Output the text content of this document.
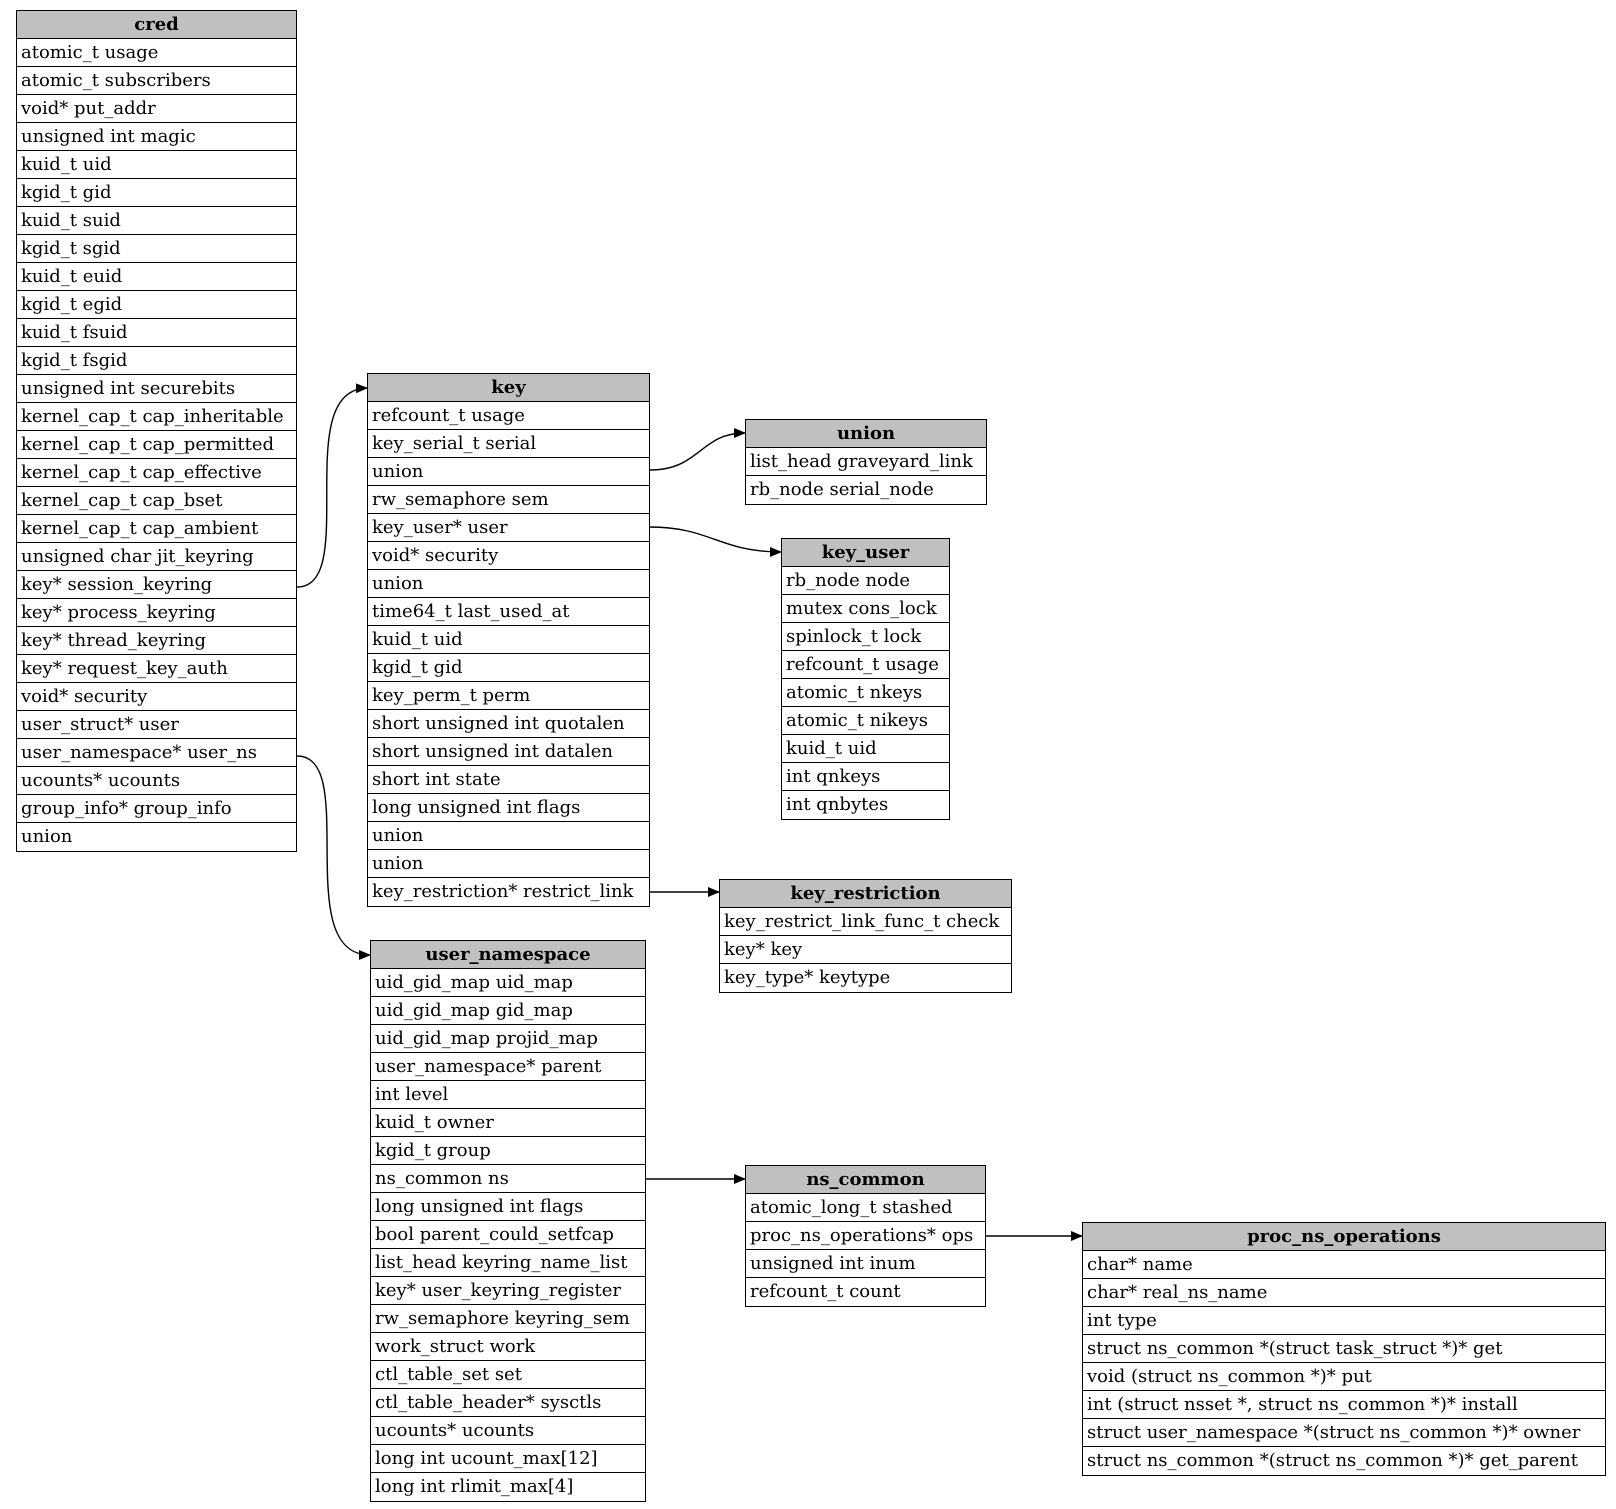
cred
atomic_t usage
atomic_t subscribers
void* put_addr
unsigned int magic
kuid_t uid
kgid_t gid
kuid_t suid
kgid_t sgid
kuid_t euid
kgid_t egid
kuid_t fsuid
kgid_t fsgid
unsigned int securebits
kernel_cap_t cap_inheritable
kernel_cap_t cap_permitted
kernel_cap_t cap_effective
kernel_cap_t cap_bset
kernel_cap_t cap_ambient
unsigned char jit_keyring
key* session_keyring
key* process_keyring
key* thread_keyring
key* request_key_auth
void* security
user_struct* user
user_namespace* user_ns
ucounts* ucounts
group_info* group_info
union
key
refcount_t usage
key_serial_t serial
union
rw_semaphore sem
key_user* user
void* security
union
time64_t last_used_at
kuid_t uid
kgid_t gid
key_perm_t perm
short unsigned int quotalen
short unsigned int datalen
short int state
long unsigned int flags
union
union
key_restriction* restrict_link
union
list_head graveyard_link
rb_node serial_node
key_user
rb_node node
mutex cons_lock
spinlock_t lock
refcount_t usage
atomic_t nkeys
atomic_t nikeys
kuid_t uid
int qnkeys
int qnbytes
key_restriction
key_restrict_link_func_t check
key* key
key_type* keytype
user_namespace
uid_gid_map uid_map
uid_gid_map gid_map
uid_gid_map projid_map
user_namespace* parent
int level
kuid_t owner
kgid_t group
ns_common ns
long unsigned int flags
bool parent_could_setfcap
list_head keyring_name_list
key* user_keyring_register
rw_semaphore keyring_sem
work_struct work
ctl_table_set set
ctl_table_header* sysctls
ucounts* ucounts
long int ucount_max[12]
long int rlimit_max[4]
ns_common
atomic_long_t stashed
proc_ns_operations* ops
unsigned int inum
refcount_t count
proc_ns_operations
char* name
char* real_ns_name
int type
struct ns_common *(struct task_struct *)* get
void (struct ns_common *)* put
int (struct nsset *, struct ns_common *)* install
struct user_namespace *(struct ns_common *)* owner
struct ns_common *(struct ns_common *)* get_parent
